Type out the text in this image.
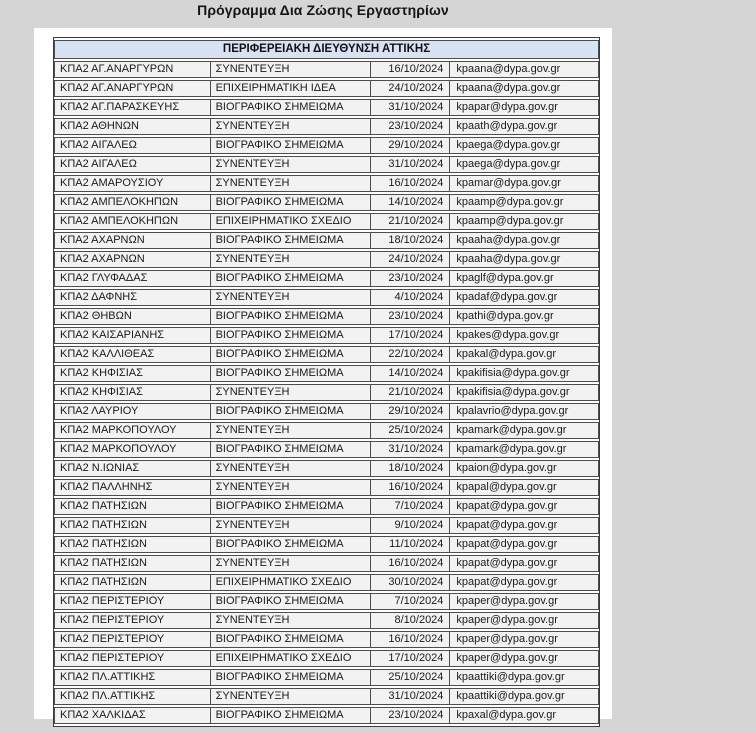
Πρόγραμμα Δια Ζώσης Εργαστηρίων
ΠΕΡΙΦΕΡΕΙΑΚΗ ΔΙΕΥΘΥΝΣΗ ΑΤΤΙΚΗΣ			
ΚΠΑ2 ΑΓ.ΑΝΑΡΓΥΡΩΝ	ΣΥΝΕΝΤΕΥΞΗ	16/10/2024	kpaana@dypa.gov.gr
ΚΠΑ2 ΑΓ.ΑΝΑΡΓΥΡΩΝ	ΕΠΙΧΕΙΡΗΜΑΤΙΚΗ ΙΔΕΑ	24/10/2024	kpaana@dypa.gov.gr
ΚΠΑ2 ΑΓ.ΠΑΡΑΣΚΕΥΗΣ	ΒΙΟΓΡΑΦΙΚΟ ΣΗΜΕΙΩΜΑ	31/10/2024	kpapar@dypa.gov.gr
ΚΠΑ2 ΑΘΗΝΩΝ	ΣΥΝΕΝΤΕΥΞΗ	23/10/2024	kpaath@dypa.gov.gr
ΚΠΑ2 ΑΙΓΑΛΕΩ	ΒΙΟΓΡΑΦΙΚΟ ΣΗΜΕΙΩΜΑ	29/10/2024	kpaega@dypa.gov.gr
ΚΠΑ2 ΑΙΓΑΛΕΩ	ΣΥΝΕΝΤΕΥΞΗ	31/10/2024	kpaega@dypa.gov.gr
ΚΠΑ2 ΑΜΑΡΟΥΣΙΟΥ	ΣΥΝΕΝΤΕΥΞΗ	16/10/2024	kpamar@dypa.gov.gr
ΚΠΑ2 ΑΜΠΕΛΟΚΗΠΩΝ	ΒΙΟΓΡΑΦΙΚΟ ΣΗΜΕΙΩΜΑ	14/10/2024	kpaamp@dypa.gov.gr
ΚΠΑ2 ΑΜΠΕΛΟΚΗΠΩΝ	ΕΠΙΧΕΙΡΗΜΑΤΙΚΟ ΣΧΕΔΙΟ	21/10/2024	kpaamp@dypa.gov.gr
ΚΠΑ2 ΑΧΑΡΝΩΝ	ΒΙΟΓΡΑΦΙΚΟ ΣΗΜΕΙΩΜΑ	18/10/2024	kpaaha@dypa.gov.gr
ΚΠΑ2 ΑΧΑΡΝΩΝ	ΣΥΝΕΝΤΕΥΞΗ	24/10/2024	kpaaha@dypa.gov.gr
ΚΠΑ2 ΓΛΥΦΑΔΑΣ	ΒΙΟΓΡΑΦΙΚΟ ΣΗΜΕΙΩΜΑ	23/10/2024	kpaglf@dypa.gov.gr
ΚΠΑ2 ΔΑΦΝΗΣ	ΣΥΝΕΝΤΕΥΞΗ	4/10/2024	kpadaf@dypa.gov.gr
ΚΠΑ2 ΘΗΒΩΝ	ΒΙΟΓΡΑΦΙΚΟ ΣΗΜΕΙΩΜΑ	23/10/2024	kpathi@dypa.gov.gr
ΚΠΑ2 ΚΑΙΣΑΡΙΑΝΗΣ	ΒΙΟΓΡΑΦΙΚΟ ΣΗΜΕΙΩΜΑ	17/10/2024	kpakes@dypa.gov.gr
ΚΠΑ2 ΚΑΛΛΙΘΕΑΣ	ΒΙΟΓΡΑΦΙΚΟ ΣΗΜΕΙΩΜΑ	22/10/2024	kpakal@dypa.gov.gr
ΚΠΑ2 ΚΗΦΙΣΙΑΣ	ΒΙΟΓΡΑΦΙΚΟ ΣΗΜΕΙΩΜΑ	14/10/2024	kpakifisia@dypa.gov.gr
ΚΠΑ2 ΚΗΦΙΣΙΑΣ	ΣΥΝΕΝΤΕΥΞΗ	21/10/2024	kpakifisia@dypa.gov.gr
ΚΠΑ2 ΛΑΥΡΙΟΥ	ΒΙΟΓΡΑΦΙΚΟ ΣΗΜΕΙΩΜΑ	29/10/2024	kpalavrio@dypa.gov.gr
ΚΠΑ2 ΜΑΡΚΟΠΟΥΛΟΥ	ΣΥΝΕΝΤΕΥΞΗ	25/10/2024	kpamark@dypa.gov.gr
ΚΠΑ2 ΜΑΡΚΟΠΟΥΛΟΥ	ΒΙΟΓΡΑΦΙΚΟ ΣΗΜΕΙΩΜΑ	31/10/2024	kpamark@dypa.gov.gr
ΚΠΑ2 Ν.ΙΩΝΙΑΣ	ΣΥΝΕΝΤΕΥΞΗ	18/10/2024	kpaion@dypa.gov.gr
ΚΠΑ2 ΠΑΛΛΗΝΗΣ	ΣΥΝΕΝΤΕΥΞΗ	16/10/2024	kpapal@dypa.gov.gr
ΚΠΑ2 ΠΑΤΗΣΙΩΝ	ΒΙΟΓΡΑΦΙΚΟ ΣΗΜΕΙΩΜΑ	7/10/2024	kpapat@dypa.gov.gr
ΚΠΑ2 ΠΑΤΗΣΙΩΝ	ΣΥΝΕΝΤΕΥΞΗ	9/10/2024	kpapat@dypa.gov.gr
ΚΠΑ2 ΠΑΤΗΣΙΩΝ	ΒΙΟΓΡΑΦΙΚΟ ΣΗΜΕΙΩΜΑ	11/10/2024	kpapat@dypa.gov.gr
ΚΠΑ2 ΠΑΤΗΣΙΩΝ	ΣΥΝΕΝΤΕΥΞΗ	16/10/2024	kpapat@dypa.gov.gr
ΚΠΑ2 ΠΑΤΗΣΙΩΝ	ΕΠΙΧΕΙΡΗΜΑΤΙΚΟ ΣΧΕΔΙΟ	30/10/2024	kpapat@dypa.gov.gr
ΚΠΑ2 ΠΕΡΙΣΤΕΡΙΟΥ	ΒΙΟΓΡΑΦΙΚΟ ΣΗΜΕΙΩΜΑ	7/10/2024	kpaper@dypa.gov.gr
ΚΠΑ2 ΠΕΡΙΣΤΕΡΙΟΥ	ΣΥΝΕΝΤΕΥΞΗ	8/10/2024	kpaper@dypa.gov.gr
ΚΠΑ2 ΠΕΡΙΣΤΕΡΙΟΥ	ΒΙΟΓΡΑΦΙΚΟ ΣΗΜΕΙΩΜΑ	16/10/2024	kpaper@dypa.gov.gr
ΚΠΑ2 ΠΕΡΙΣΤΕΡΙΟΥ	ΕΠΙΧΕΙΡΗΜΑΤΙΚΟ ΣΧΕΔΙΟ	17/10/2024	kpaper@dypa.gov.gr
ΚΠΑ2 ΠΛ.ΑΤΤΙΚΗΣ	ΒΙΟΓΡΑΦΙΚΟ ΣΗΜΕΙΩΜΑ	25/10/2024	kpaattiki@dypa.gov.gr
ΚΠΑ2 ΠΛ.ΑΤΤΙΚΗΣ	ΣΥΝΕΝΤΕΥΞΗ	31/10/2024	kpaattiki@dypa.gov.gr
ΚΠΑ2 ΧΑΛΚΙΔΑΣ	ΒΙΟΓΡΑΦΙΚΟ ΣΗΜΕΙΩΜΑ	23/10/2024	kpaxal@dypa.gov.gr
